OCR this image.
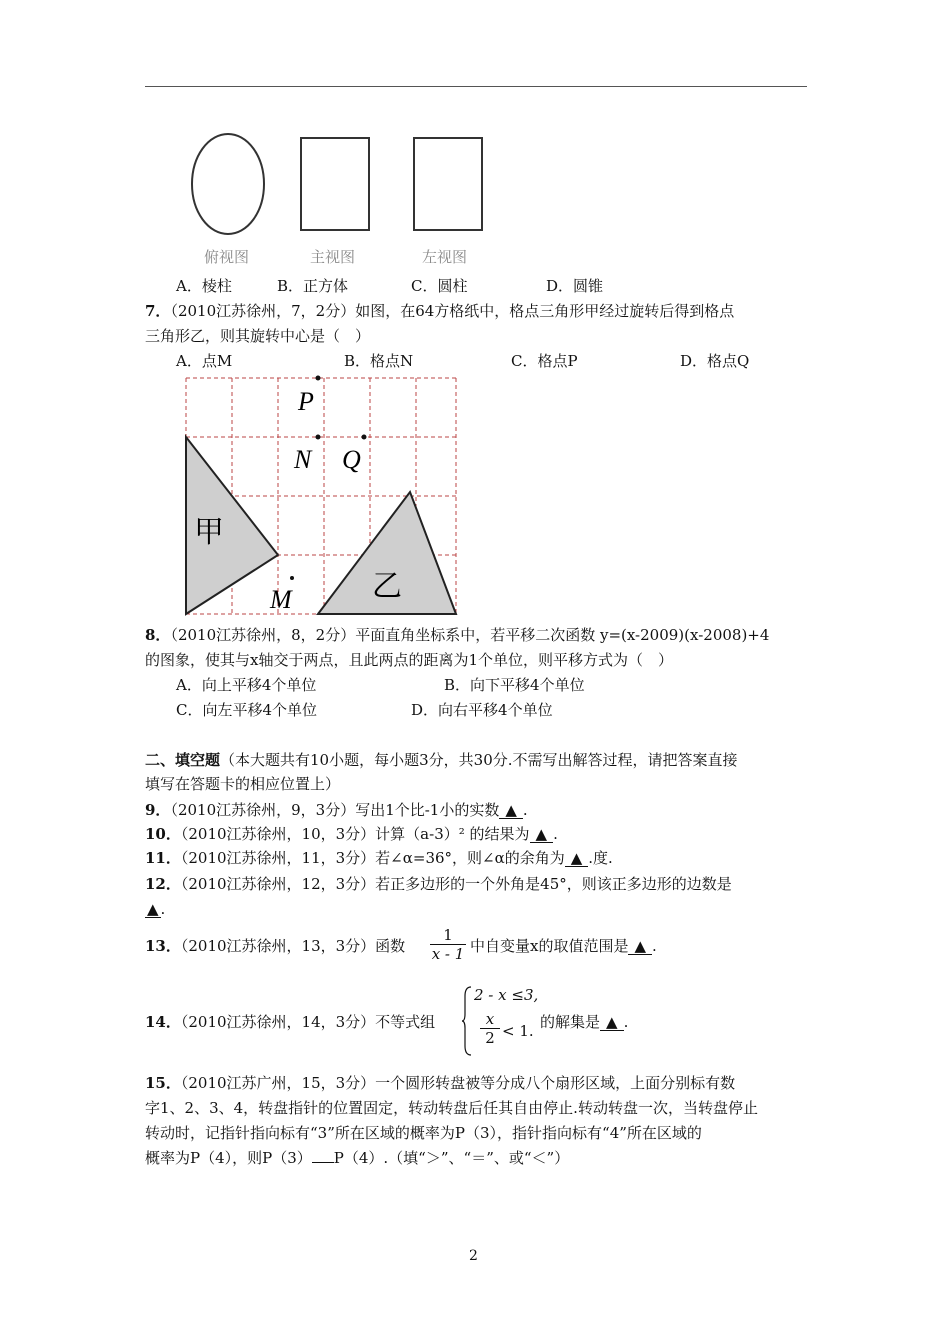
俯视图	主视图	左视图
A．棱柱	B．正方体	C．圆柱	D．圆锥
7．（2010江苏徐州，7，2分）如图，在64方格纸中，格点三角形甲经过旋转后得到格点
三角形乙，则其旋转中心是（　）
A．点M	B．格点N	C．格点P	D．格点Q
P
N Q
M
甲
乙
8．（2010江苏徐州，8，2分）平面直角坐标系中，若平移二次函数 y=(x-2009)(x-2008)+4
的图象，使其与x轴交于两点，且此两点的距离为1个单位，则平移方式为（　）
A．向上平移4个单位	B．向下平移4个单位
C．向左平移4个单位	D．向右平移4个单位
二、填空题（本大题共有10小题，每小题3分，共30分.不需写出解答过程，请把答案直接
填写在答题卡的相应位置上）
9．（2010江苏徐州，9，3分）写出1个比-1小的实数 ▲ .
10．（2010江苏徐州，10，3分）计算（a-3）² 的结果为 ▲ .
11．（2010江苏徐州，11，3分）若∠α=36°，则∠α的余角为 ▲ .度.
12．（2010江苏徐州，12，3分）若正多边形的一个外角是45°，则该正多边形的边数是
▲ .
13．（2010江苏徐州，13，3分）函数 $\frac{1}{x - 1}$ 中自变量x的取值范围是 ▲ .
14．（2010江苏徐州，14，3分）不等式组
2 - x ≤3,
$\frac{x}{2} < 1$. 的解集是 ▲ .
15．（2010江苏广州，15，3分）一个圆形转盘被等分成八个扇形区域，上面分别标有数
字1、2、3、4，转盘指针的位置固定，转动转盘后任其自由停止.转动转盘一次，当转盘停止
转动时，记指针指向标有“3”所在区域的概率为P（3），指针指向标有“4”所在区域的
概率为P（4），则P（3） P（4）.（填“＞”、“＝”、或“＜”）
2
